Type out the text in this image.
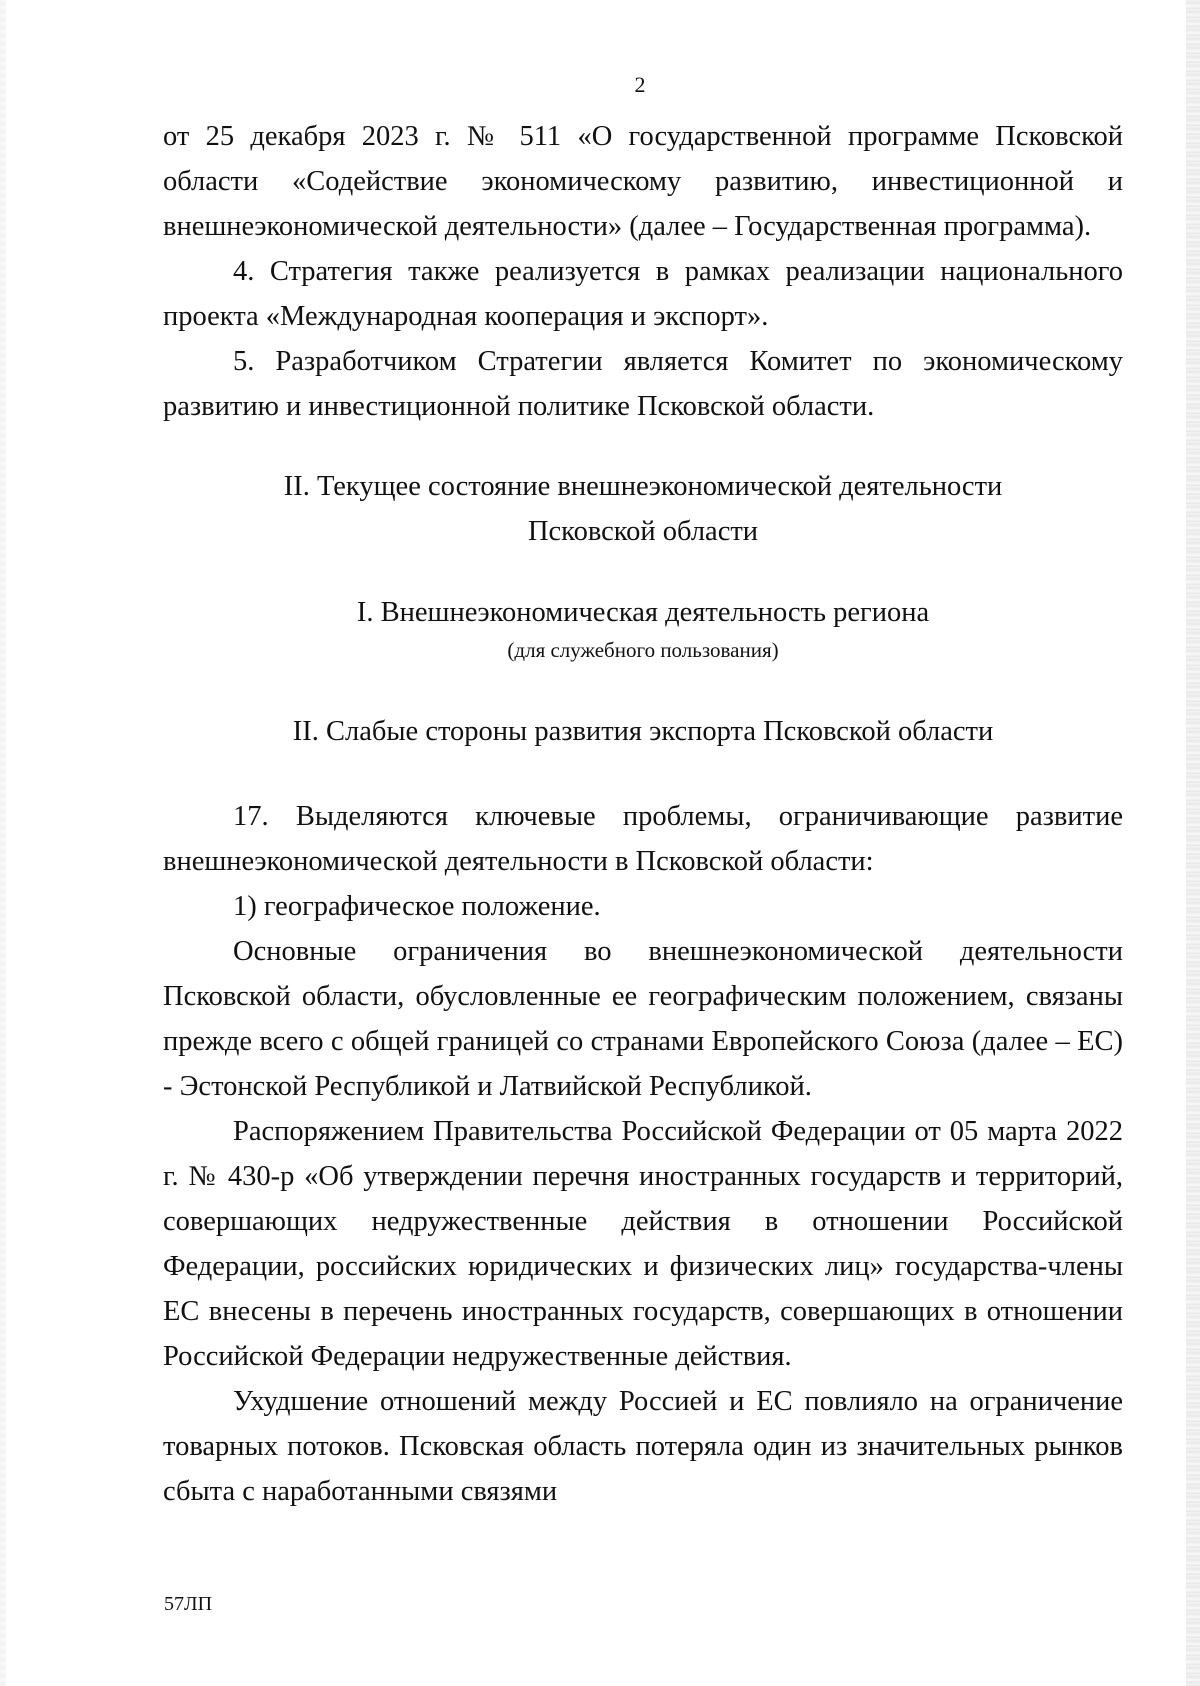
2

от 25 декабря 2023 г. № 511 «О государственной программе Псковской области «Содействие экономическому развитию, инвестиционной и внешнеэкономической деятельности» (далее – Государственная программа).

4. Стратегия также реализуется в рамках реализации национального проекта «Международная кооперация и экспорт».

5. Разработчиком Стратегии является Комитет по экономическому развитию и инвестиционной политике Псковской области.

II. Текущее состояние внешнеэкономической деятельности

Псковской области

I. Внешнеэкономическая деятельность региона

(для служебного пользования)

II. Слабые стороны развития экспорта Псковской области

17. Выделяются ключевые проблемы, ограничивающие развитие внешнеэкономической деятельности в Псковской области:

1) географическое положение.

Основные ограничения во внешнеэкономической деятельности Псковской области, обусловленные ее географическим положением, связаны прежде всего с общей границей со странами Европейского Союза (далее – ЕС) - Эстонской Республикой и Латвийской Республикой.

Распоряжением Правительства Российской Федерации от 05 марта 2022 г. № 430-р «Об утверждении перечня иностранных государств и территорий, совершающих недружественные действия в отношении Российской Федерации, российских юридических и физических лиц» государства-члены ЕС внесены в перечень иностранных государств, совершающих в отношении Российской Федерации недружественные действия.

Ухудшение отношений между Россией и ЕС повлияло на ограничение товарных потоков. Псковская область потеряла один из значительных рынков сбыта с наработанными связями

57ЛП
